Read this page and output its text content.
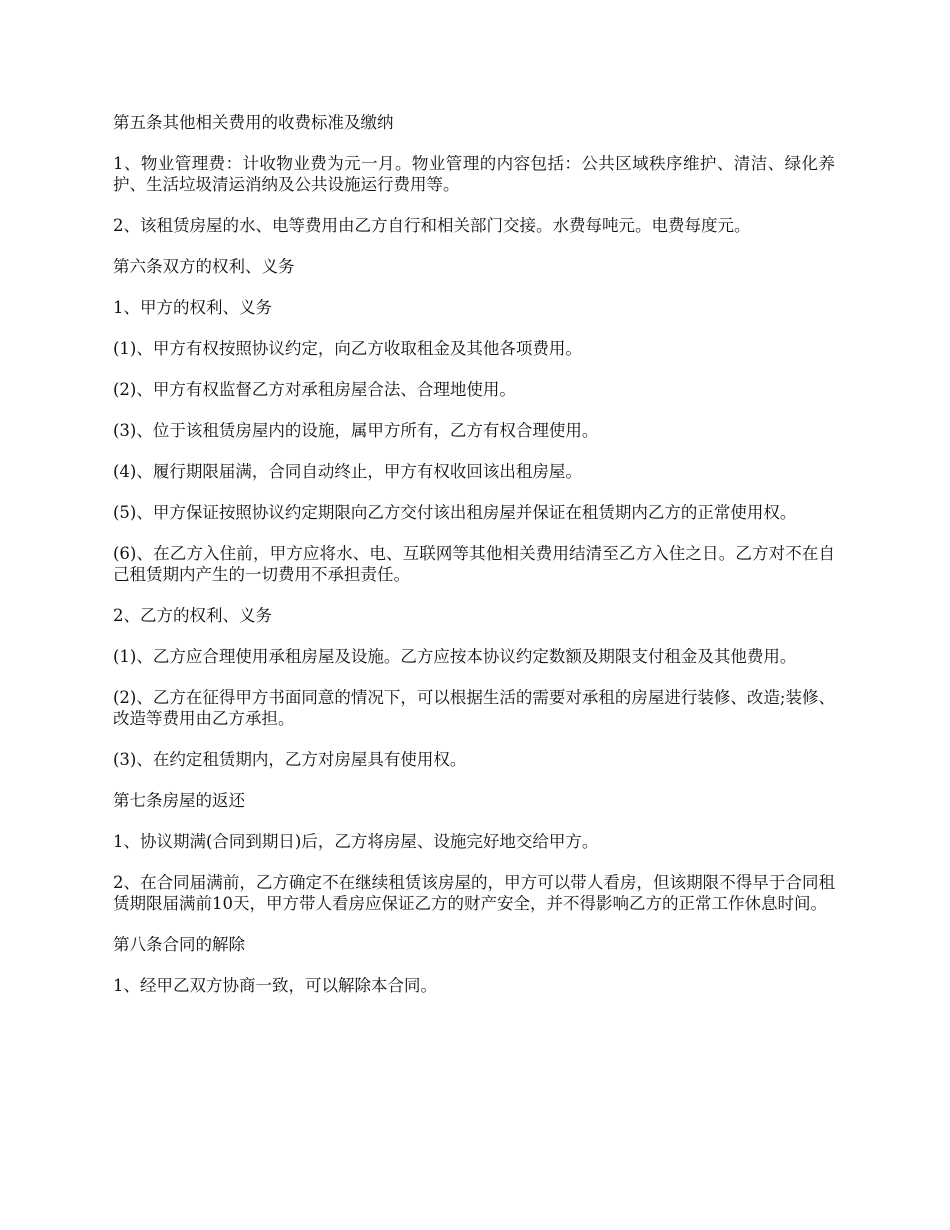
第五条其他相关费用的收费标准及缴纳

1、物业管理费：计收物业费为元一月。物业管理的内容包括：公共区域秩序维护、清洁、绿化养护、生活垃圾清运消纳及公共设施运行费用等。

2、该租赁房屋的水、电等费用由乙方自行和相关部门交接。水费每吨元。电费每度元。

第六条双方的权利、义务

1、甲方的权利、义务

(1)、甲方有权按照协议约定，向乙方收取租金及其他各项费用。

(2)、甲方有权监督乙方对承租房屋合法、合理地使用。

(3)、位于该租赁房屋内的设施，属甲方所有，乙方有权合理使用。

(4)、履行期限届满，合同自动终止，甲方有权收回该出租房屋。

(5)、甲方保证按照协议约定期限向乙方交付该出租房屋并保证在租赁期内乙方的正常使用权。

(6)、在乙方入住前，甲方应将水、电、互联网等其他相关费用结清至乙方入住之日。乙方对不在自己租赁期内产生的一切费用不承担责任。

2、乙方的权利、义务

(1)、乙方应合理使用承租房屋及设施。乙方应按本协议约定数额及期限支付租金及其他费用。

(2)、乙方在征得甲方书面同意的情况下，可以根据生活的需要对承租的房屋进行装修、改造;装修、改造等费用由乙方承担。

(3)、在约定租赁期内，乙方对房屋具有使用权。

第七条房屋的返还

1、协议期满(合同到期日)后，乙方将房屋、设施完好地交给甲方。

2、在合同届满前，乙方确定不在继续租赁该房屋的，甲方可以带人看房，但该期限不得早于合同租赁期限届满前10天，甲方带人看房应保证乙方的财产安全，并不得影响乙方的正常工作休息时间。

第八条合同的解除

1、经甲乙双方协商一致，可以解除本合同。
